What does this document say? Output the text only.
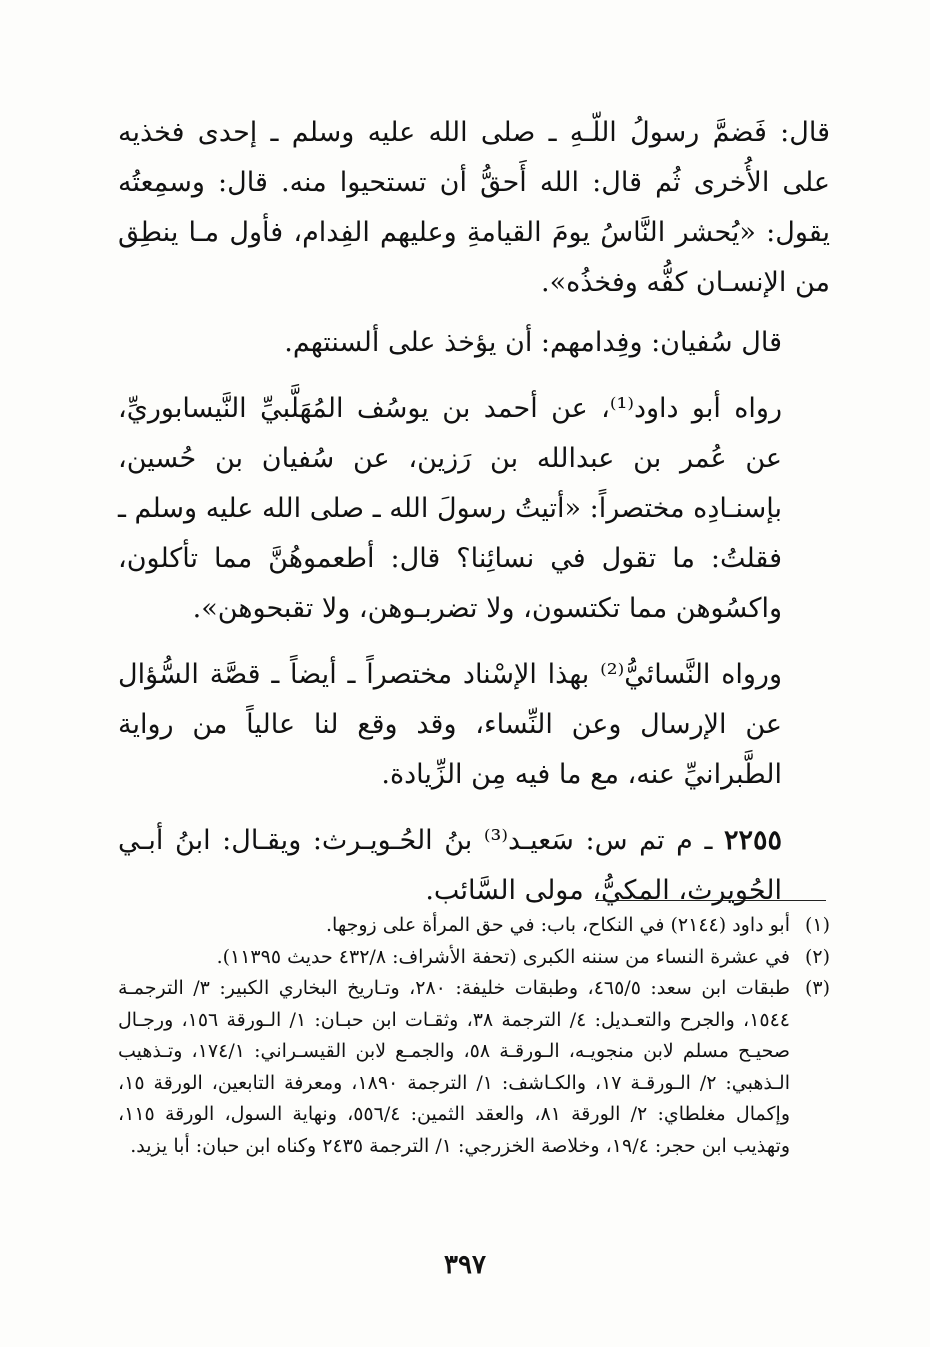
قال: فَضمَّ رسولُ اللّـهِ ـ صلى الله عليه وسلم ـ إحدى فخذيه على الأُخرى ثُم قال: الله أَحقُّ أن تستحيوا منه. قال: وسمِعتُه يقول: «يُحشر النَّاسُ يومَ القيامةِ وعليهم الفِدام، فأول مـا ينطِق من الإنسـان كفُّه وفخذُه».

قال سُفيان: وفِدامهم: أن يؤخذ على ألسنتهم.

رواه أبو داود⁽¹⁾، عن أحمد بن يوسُف المُهَلَّبيِّ النَّيسابوريِّ، عن عُمر بن عبدالله بن رَزين، عن سُفيان بن حُسين، بإسنـادِه مختصراً: «أتيتُ رسولَ الله ـ صلى الله عليه وسلم ـ فقلتُ: ما تقول في نسائِنا؟ قال: أطعموهُنَّ مما تأكلون، واكسُوهن مما تكتسون، ولا تضربـوهن، ولا تقبحوهن».

ورواه النَّسائيُّ⁽²⁾ بهذا الإسْناد مختصراً ـ أيضاً ـ قصَّة السُّؤال عن الإرسال وعن النِّساء، وقد وقع لنا عالياً من رواية الطَّبرانيِّ عنه، مع ما فيه مِن الزِّيادة.

٢٢٥٥ ـ م تم س: سَعيـد⁽³⁾ بنُ الحُـويـرث: ويقـال: ابنُ أبـي الحُويرث، المكيُّ، مولى السَّائب.

(١)
أبو داود (٢١٤٤) في النكاح، باب: في حق المرأة على زوجها.
(٢)
في عشرة النساء من سننه الكبرى (تحفة الأشراف: ٤٣٢/٨ حديث ١١٣٩٥).
(٣)
طبقات ابن سعد: ٤٦٥/٥، وطبقات خليفة: ٢٨٠، وتـاريخ البخاري الكبير: ٣/ الترجمـة ١٥٤٤، والجرح والتعـديل: ٤/ الترجمة ٣٨، وثقـات ابن حبـان: ١/ الـورقة ١٥٦، ورجـال صحيـح مسلم لابن منجويـه، الـورقـة ٥٨، والجمـع لابن القيسـراني: ١٧٤/١، وتـذهيب الـذهبي: ٢/ الـورقـة ١٧، والكـاشف: ١/ الترجمة ١٨٩٠، ومعرفة التابعين، الورقة ١٥، وإكمال مغلطاي: ٢/ الورقة ٨١، والعقد الثمين: ٥٥٦/٤، ونهاية السول، الورقة ١١٥، وتهذيب ابن حجر: ١٩/٤، وخلاصة الخزرجي: ١/ الترجمة ٢٤٣٥ وكناه ابن حبان: أبا يزيد.
٣٩٧
